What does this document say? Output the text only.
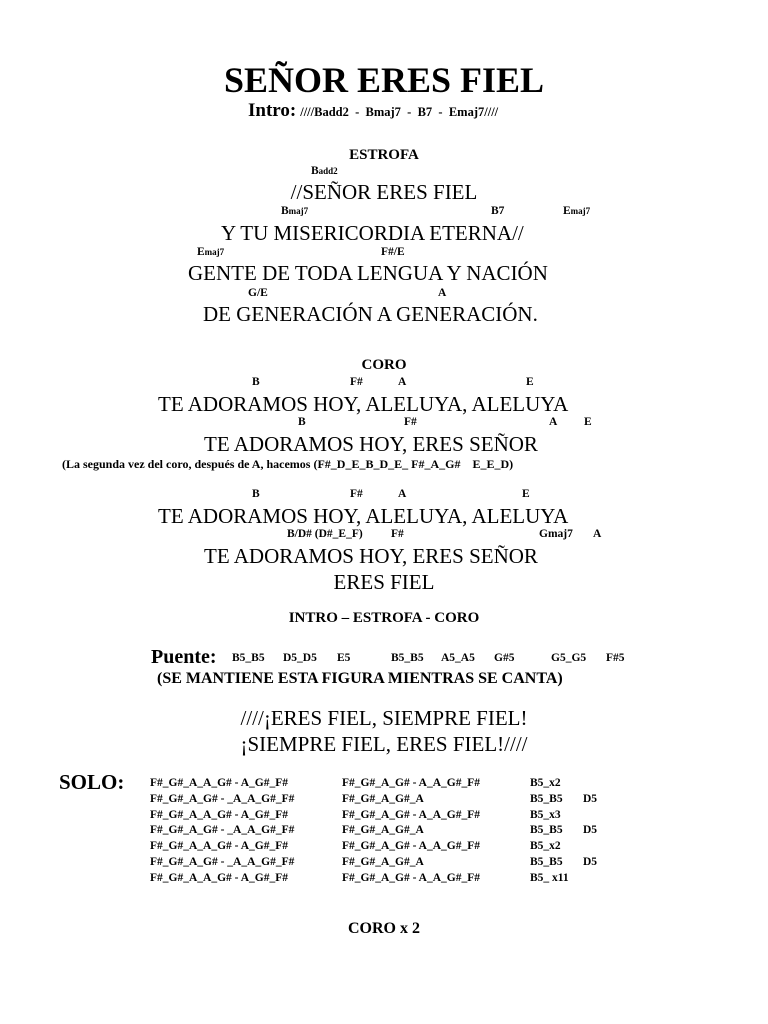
SEÑOR ERES FIEL
Intro: ////Badd2  -  Bmaj7  -  B7  -  Emaj7////
ESTROFA
Badd2
//SEÑOR ERES FIEL
Bmaj7	B7	Emaj7
Y TU MISERICORDIA ETERNA//
Emaj7	F#/E
GENTE DE TODA LENGUA Y NACIÓN
G/E	A
DE GENERACIÓN A GENERACIÓN.
CORO
B	F#	A	E
TE ADORAMOS HOY, ALELUYA, ALELUYA
B	F#	A E
TE ADORAMOS HOY, ERES SEÑOR
(La segunda vez del coro, después de A, hacemos (F#_D_E_B_D_E_ F#_A_G#    E_E_D)
B	F#	A	E
TE ADORAMOS HOY, ALELUYA, ALELUYA
B/D# (D#_E_F) F#	Gmaj7 A
TE ADORAMOS HOY, ERES SEÑOR
ERES FIEL
INTRO – ESTROFA - CORO
Puente: B5_B5 D5_D5 E5	B5_B5 A5_A5 G#5	G5_G5 F#5
(SE MANTIENE ESTA FIGURA MIENTRAS SE CANTA)
////¡ERES FIEL, SIEMPRE FIEL!
¡SIEMPRE FIEL, ERES FIEL!////
SOLO: F#_G#_A_A_G# - A_G#_F#	F#_G#_A_G# - A_A_G#_F#	B5_x2
F#_G#_A_G# - _A_A_G#_F#	F#_G#_A_G#_A	B5_B5 D5
F#_G#_A_A_G# - A_G#_F#	F#_G#_A_G# - A_A_G#_F#	B5_x3
F#_G#_A_G# - _A_A_G#_F#	F#_G#_A_G#_A	B5_B5 D5
F#_G#_A_A_G# - A_G#_F#	F#_G#_A_G# - A_A_G#_F#	B5_x2
F#_G#_A_G# - _A_A_G#_F#	F#_G#_A_G#_A	B5_B5 D5
F#_G#_A_A_G# - A_G#_F#	F#_G#_A_G# - A_A_G#_F#	B5_ x11
CORO x 2
